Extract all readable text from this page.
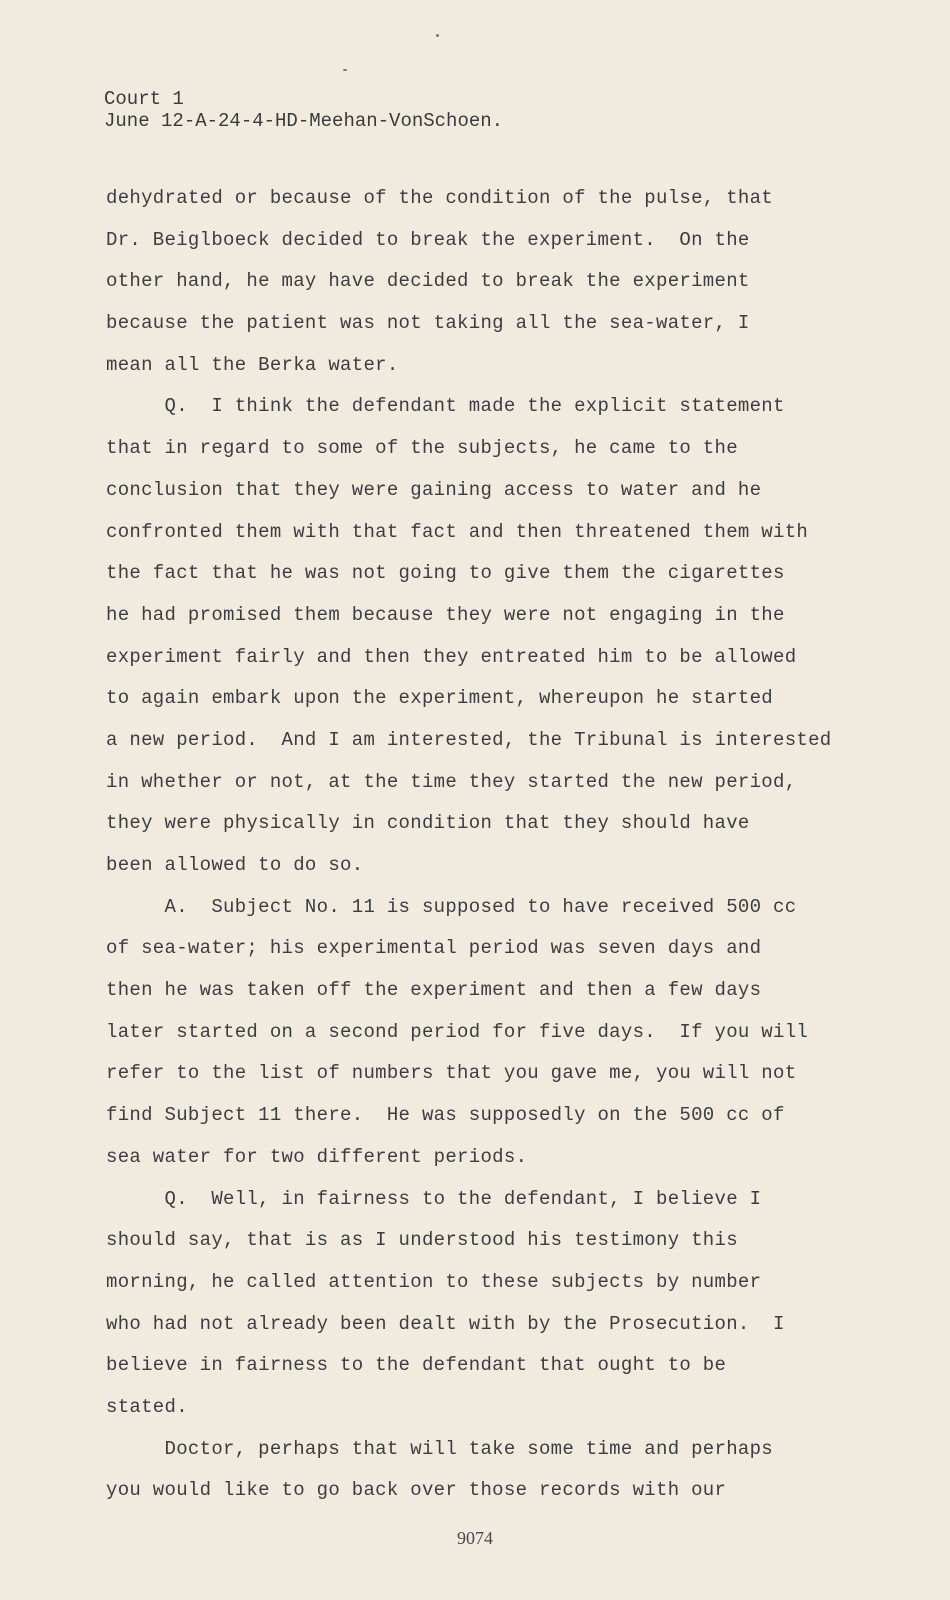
Court 1
June 12-A-24-4-HD-Meehan-VonSchoen.
dehydrated or because of the condition of the pulse, that
Dr. Beiglboeck decided to break the experiment.  On the
other hand, he may have decided to break the experiment
because the patient was not taking all the sea-water, I
mean all the Berka water.
Q.  I think the defendant made the explicit statement
that in regard to some of the subjects, he came to the
conclusion that they were gaining access to water and he
confronted them with that fact and then threatened them with
the fact that he was not going to give them the cigarettes
he had promised them because they were not engaging in the
experiment fairly and then they entreated him to be allowed
to again embark upon the experiment, whereupon he started
a new period.  And I am interested, the Tribunal is interested
in whether or not, at the time they started the new period,
they were physically in condition that they should have
been allowed to do so.
A.  Subject No. 11 is supposed to have received 500 cc
of sea-water; his experimental period was seven days and
then he was taken off the experiment and then a few days
later started on a second period for five days.  If you will
refer to the list of numbers that you gave me, you will not
find Subject 11 there.  He was supposedly on the 500 cc of
sea water for two different periods.
Q.  Well, in fairness to the defendant, I believe I
should say, that is as I understood his testimony this
morning, he called attention to these subjects by number
who had not already been dealt with by the Prosecution.  I
believe in fairness to the defendant that ought to be
stated.
Doctor, perhaps that will take some time and perhaps
you would like to go back over those records with our
9074
